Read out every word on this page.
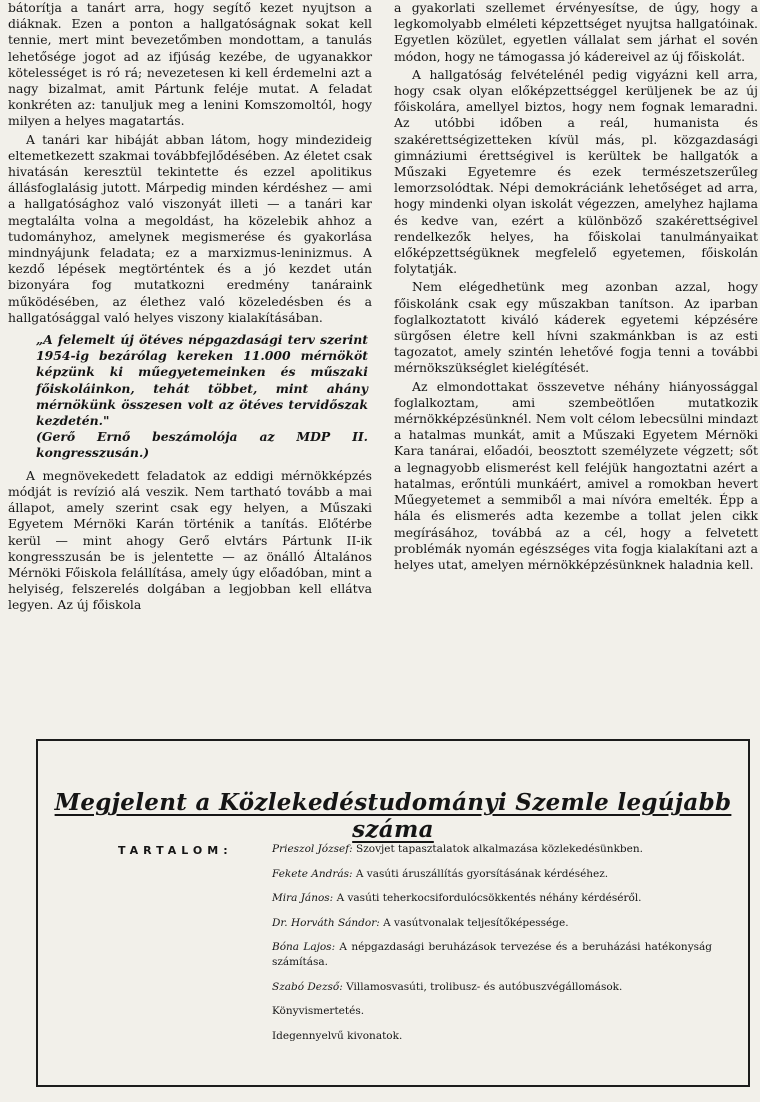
bátorítja a tanárt arra, hogy segítő kezet nyujtson a diáknak. Ezen a ponton a hallgatóságnak sokat kell tennie, mert mint bevezetőmben mondottam, a tanulás lehetősége jogot ad az ifjúság kezébe, de ugyanakkor kötelességet is ró rá; nevezetesen ki kell érdemelni azt a nagy bizalmat, amit Pártunk feléje mutat. A feladat konkréten az: tanuljuk meg a lenini Komszomoltól, hogy milyen a helyes magatartás.

A tanári kar hibáját abban látom, hogy mindezideig eltemetkezett szakmai továbbfejlődésében. Az életet csak hivatásán keresztül tekintette és ezzel apolitikus állásfoglalásig jutott. Márpedig minden kérdéshez — ami a hallgatósághoz való viszonyát illeti — a tanári kar megtalálta volna a megoldást, ha közelebik ahhoz a tudományhoz, amelynek megismerése és gyakorlása mindnyájunk feladata; ez a marxizmus-leninizmus. A kezdő lépések megtörténtek és a jó kezdet után bizonyára fog mutatkozni eredmény tanáraink működésében, az élethez való közeledésben és a hallgatósággal való helyes viszony kialakításában.

„A felemelt új ötéves népgazdasági terv szerint 1954-ig bezárólag kereken 11.000 mérnököt képzünk ki műegyetemeinken és műszaki főiskoláinkon, tehát többet, mint ahány mérnökünk összesen volt az ötéves tervidőszak kezdetén."
(Gerő Ernő beszámolója az MDP II. kongresszusán.)

A megnövekedett feladatok az eddigi mérnökképzés módját is revízió alá veszik. Nem tartható tovább a mai állapot, amely szerint csak egy helyen, a Műszaki Egyetem Mérnöki Karán történik a tanítás. Előtérbe kerül — mint ahogy Gerő elvtárs Pártunk II-ik kongresszusán be is jelentette — az önálló Általános Mérnöki Főiskola felállítása, amely úgy előadóban, mint a helyiség, felszerelés dolgában a legjobban kell ellátva legyen. Az új főiskola

a gyakorlati szellemet érvényesítse, de úgy, hogy a legkomolyabb elméleti képzettséget nyujtsa hallgatóinak. Egyetlen közület, egyetlen vállalat sem járhat el sovén módon, hogy ne támogassa jó kádereivel az új főiskolát.

A hallgatóság felvételénél pedig vigyázni kell arra, hogy csak olyan előképzettséggel kerüljenek be az új főiskolára, amellyel biztos, hogy nem fognak lemaradni. Az utóbbi időben a reál, humanista és szakérettségizetteken kívül más, pl. közgazdasági gimnáziumi érettségivel is kerültek be hallgatók a Műszaki Egyetemre és ezek természetszerűleg lemorzsolódtak. Népi demokráciánk lehetőséget ad arra, hogy mindenki olyan iskolát végezzen, amelyhez hajlama és kedve van, ezért a különböző szakérettségivel rendelkezők helyes, ha főiskolai tanulmányaikat előképzettségüknek megfelelő egyetemen, főiskolán folytatják.

Nem elégedhetünk meg azonban azzal, hogy főiskolánk csak egy műszakban tanítson. Az iparban foglalkoztatott kiváló káderek egyetemi képzésére sürgősen életre kell hívni szakmánkban is az esti tagozatot, amely szintén lehetővé fogja tenni a további mérnökszükséglet kielégítését.

Az elmondottakat összevetve néhány hiányossággal foglalkoztam, ami szembeötlően mutatkozik mérnökképzésünknél. Nem volt célom lebecsülni mindazt a hatalmas munkát, amit a Műszaki Egyetem Mérnöki Kara tanárai, előadói, beosztott személyzete végzett; sőt a legnagyobb elismerést kell feléjük hangoztatni azért a hatalmas, erőntúli munkáért, amivel a romokban hevert Műegyetemet a semmiből a mai nívóra emelték. Épp a hála és elismerés adta kezembe a tollat jelen cikk megírásához, továbbá az a cél, hogy a felvetett problémák nyomán egészséges vita fogja kialakítani azt a helyes utat, amelyen mérnökképzésünknek haladnia kell.

Megjelent a Közlekedéstudományi Szemle legújabb száma
TARTALOM:	Prieszol József: Szovjet tapasztalatok alkalmazása közlekedésünkben.
Fekete András: A vasúti áruszállítás gyorsításának kérdéséhez.
Mira János: A vasúti teherkocsifordulócsökkentés néhány kérdéséről.
Dr. Horváth Sándor: A vasútvonalak teljesítőképessége.
Bóna Lajos: A népgazdasági beruházások tervezése és a beruházási hatékonyság számítása.
Szabó Dezső: Villamosvasúti, trolibusz- és autóbuszvégállomások.
Könyvismertetés.
Idegennyelvű kivonatok.
